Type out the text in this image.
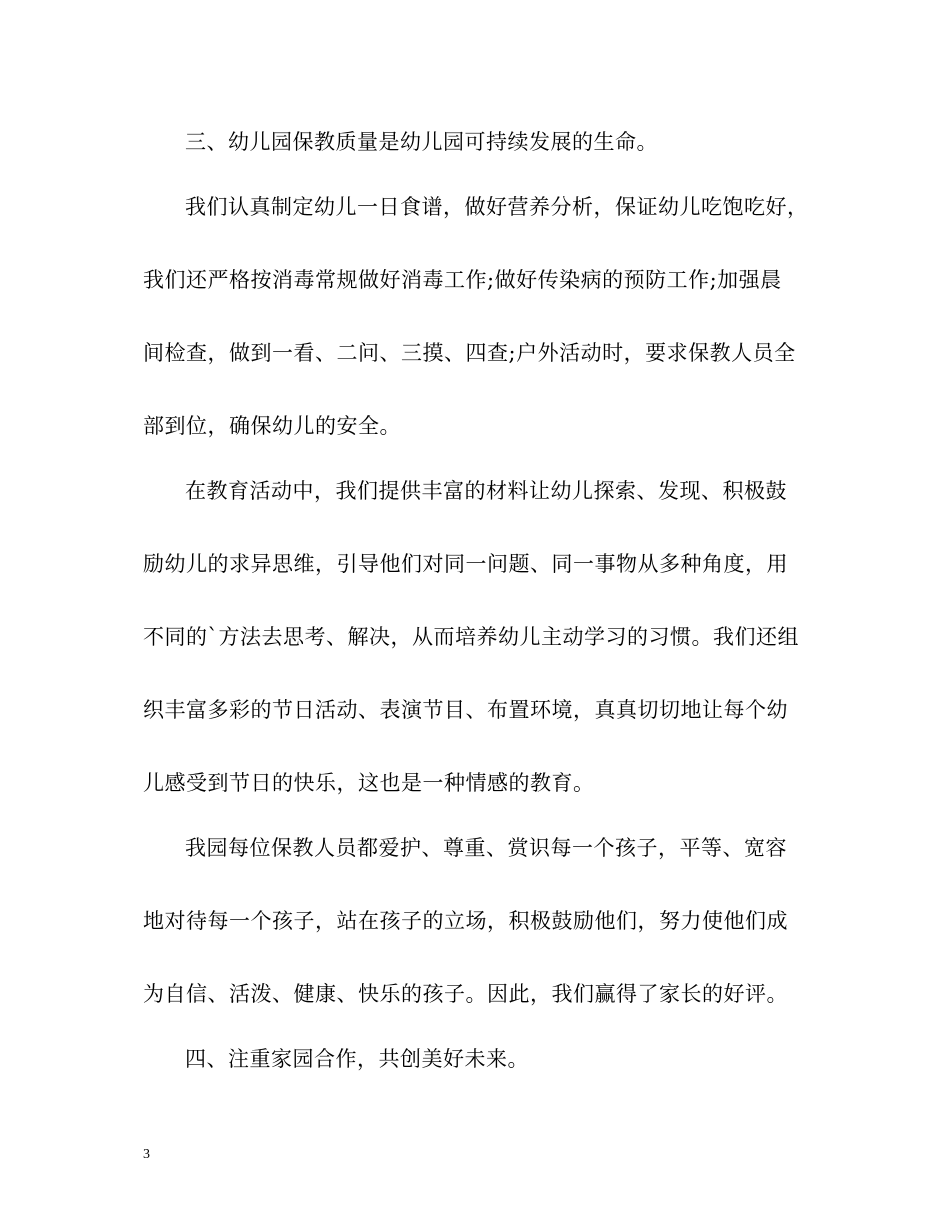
三、幼儿园保教质量是幼儿园可持续发展的生命。
我们认真制定幼儿一日食谱，做好营养分析，保证幼儿吃饱吃好，
我们还严格按消毒常规做好消毒工作;做好传染病的预防工作;加强晨
间检查，做到一看、二问、三摸、四查;户外活动时，要求保教人员全
部到位，确保幼儿的安全。
在教育活动中，我们提供丰富的材料让幼儿探索、发现、积极鼓
励幼儿的求异思维，引导他们对同一问题、同一事物从多种角度，用
不同的`方法去思考、解决，从而培养幼儿主动学习的习惯。我们还组
织丰富多彩的节日活动、表演节目、布置环境，真真切切地让每个幼
儿感受到节日的快乐，这也是一种情感的教育。
我园每位保教人员都爱护、尊重、赏识每一个孩子，平等、宽容
地对待每一个孩子，站在孩子的立场，积极鼓励他们，努力使他们成
为自信、活泼、健康、快乐的孩子。因此，我们赢得了家长的好评。
四、注重家园合作，共创美好未来。
3
